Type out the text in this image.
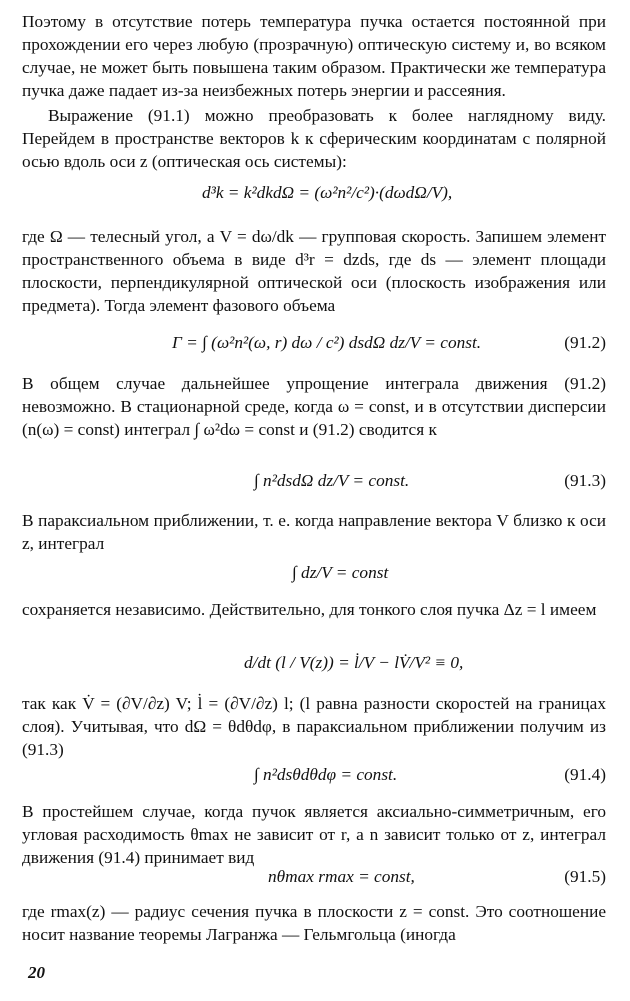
Поэтому в отсутствие потерь температура пучка остается постоянной при прохождении его через любую (прозрачную) оптическую систему и, во всяком случае, не может быть повышена таким образом. Практически же температура пучка даже падает из-за неизбежных потерь энергии и рассеяния.
Выражение (91.1) можно преобразовать к более наглядному виду. Перейдем в пространстве векторов k к сферическим координатам с полярной осью вдоль оси z (оптическая ось системы):
d³k = k²dkdΩ = (ω²n²/c²)·(dωdΩ/V),
где Ω — телесный угол, а V = dω/dk — групповая скорость. Запишем элемент пространственного объема в виде d³r = dzds, где ds — элемент площади плоскости, перпендикулярной оптической оси (плоскость изображения или предмета). Тогда элемент фазового объема
Γ = ∫ (ω²n²(ω, r) dω / c²) dsdΩ dz/V = const.	(91.2)
В общем случае дальнейшее упрощение интеграла движения (91.2) невозможно. В стационарной среде, когда ω = const, и в отсутствии дисперсии (n(ω) = const) интеграл ∫ ω²dω = const и (91.2) сводится к
∫ n²dsdΩ dz/V = const.	(91.3)
В параксиальном приближении, т. е. когда направление вектора V близко к оси z, интеграл
∫ dz/V = const
сохраняется независимо. Действительно, для тонкого слоя пучка Δz = l имеем
d/dt (l / V(z)) = l̇/V − lV̇/V² ≡ 0,
так как V̇ = (∂V/∂z) V; l̇ = (∂V/∂z) l; (l равна разности скоростей на границах слоя). Учитывая, что dΩ = θdθdφ, в параксиальном приближении получим из (91.3)
∫ n²dsθdθdφ = const.	(91.4)
В простейшем случае, когда пучок является аксиально-симметричным, его угловая расходимость θmax не зависит от r, а n зависит только от z, интеграл движения (91.4) принимает вид
nθmax rmax = const,	(91.5)
где rmax(z) — радиус сечения пучка в плоскости z = const. Это соотношение носит название теоремы Лагранжа — Гельмгольца (иногда
20
